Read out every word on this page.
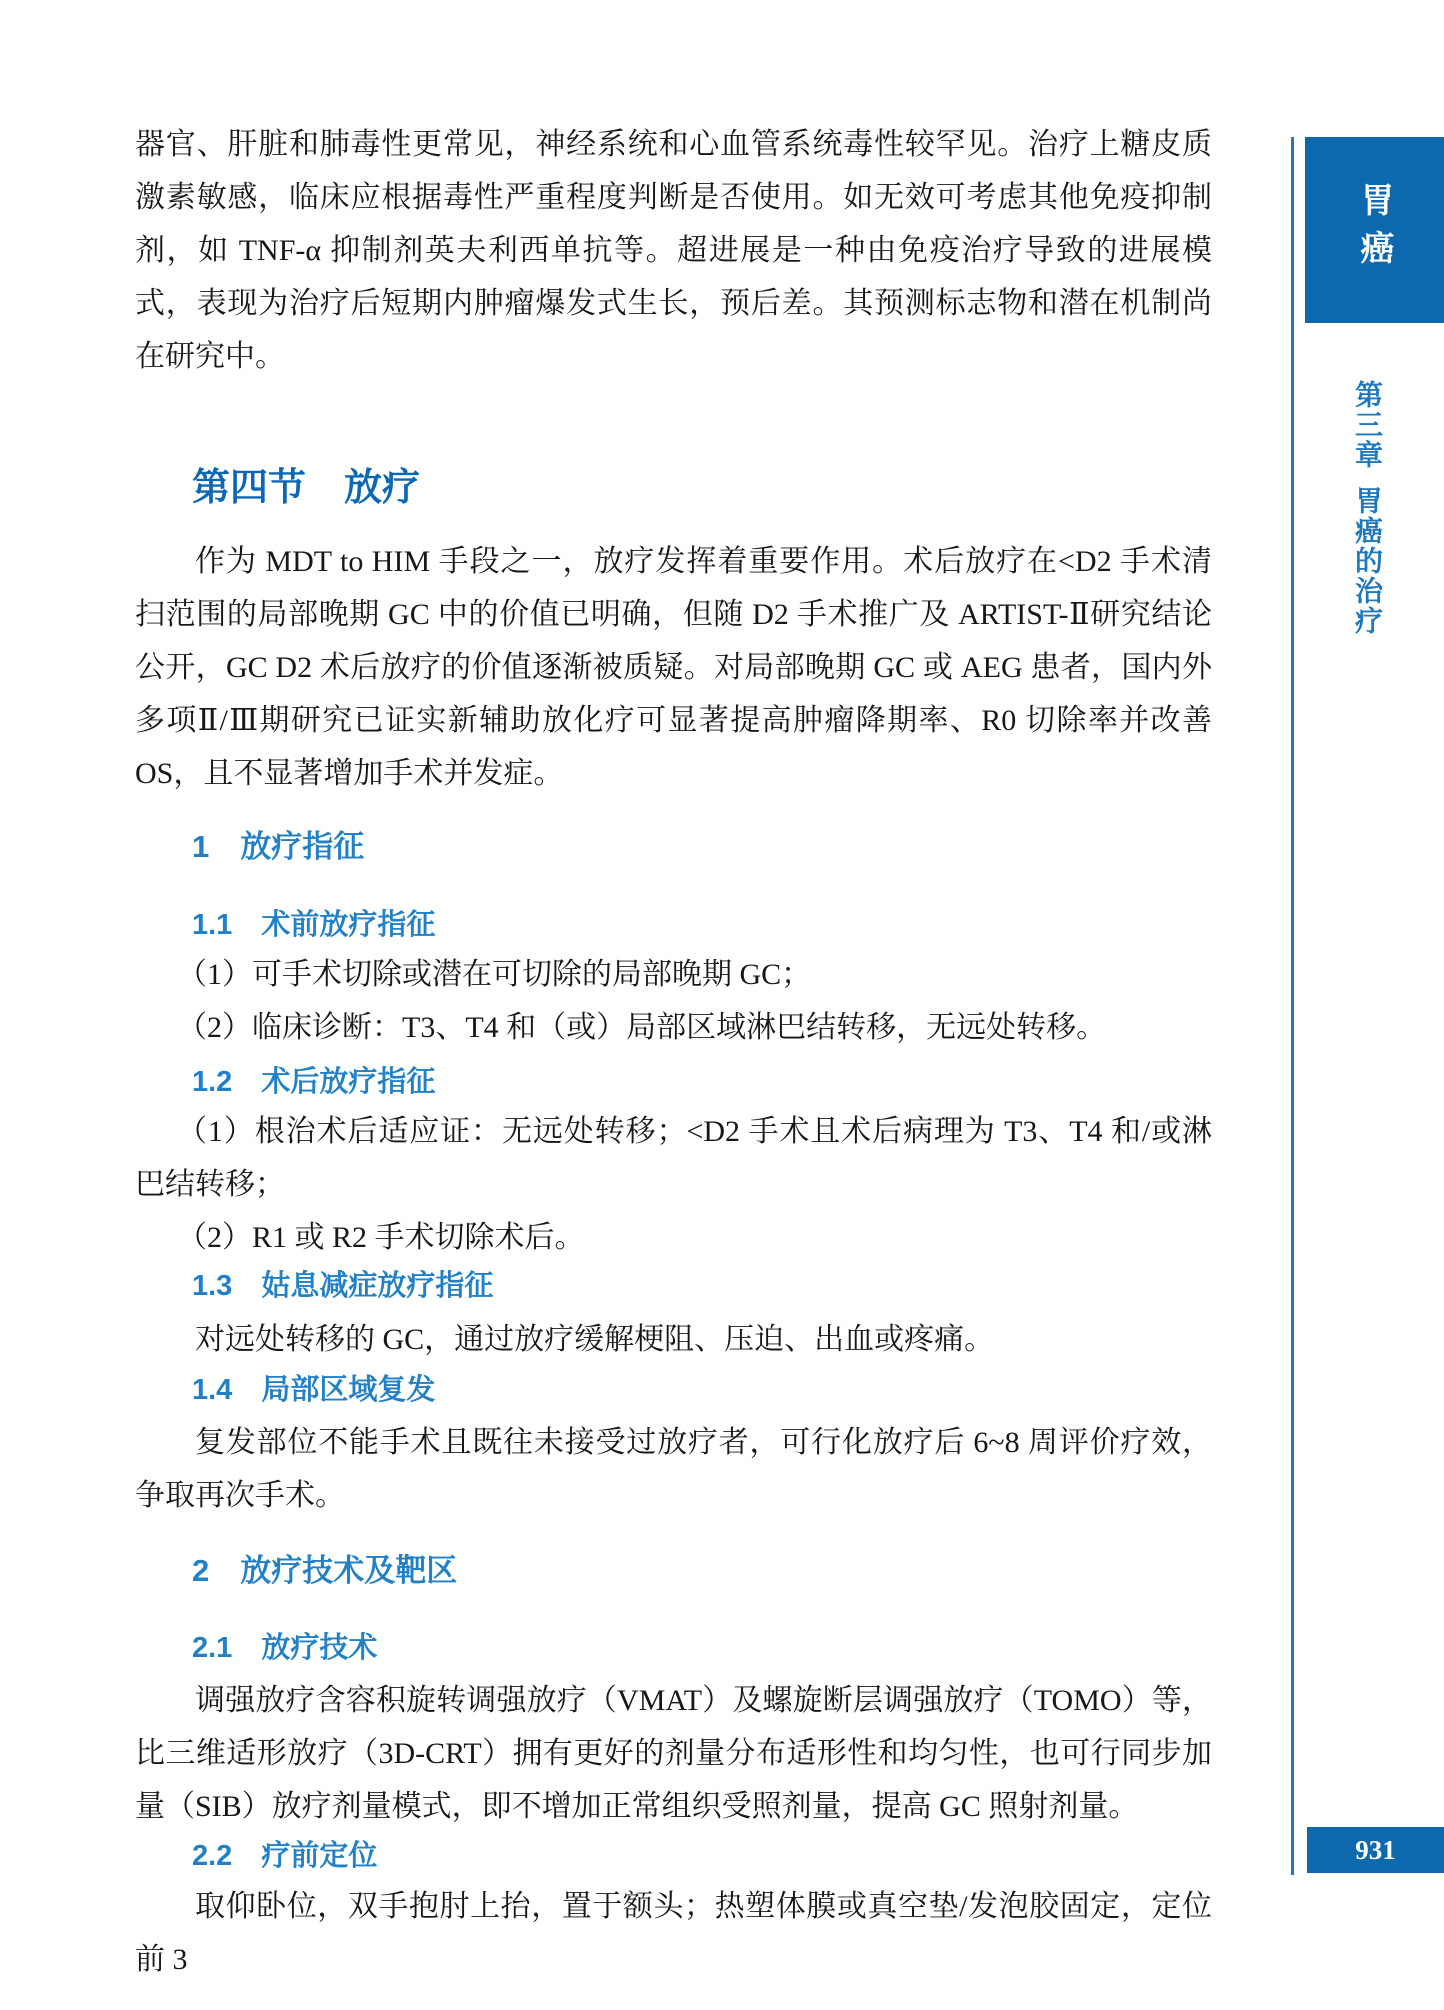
器官、肝脏和肺毒性更常见，神经系统和心血管系统毒性较罕见。治疗上糖皮质激素敏感，临床应根据毒性严重程度判断是否使用。如无效可考虑其他免疫抑制剂，如 TNF-α 抑制剂英夫利西单抗等。超进展是一种由免疫治疗导致的进展模式，表现为治疗后短期内肿瘤爆发式生长，预后差。其预测标志物和潜在机制尚在研究中。

第四节　放疗

作为 MDT to HIM 手段之一，放疗发挥着重要作用。术后放疗在<D2 手术清扫范围的局部晚期 GC 中的价值已明确，但随 D2 手术推广及 ARTIST-Ⅱ研究结论公开，GC D2 术后放疗的价值逐渐被质疑。对局部晚期 GC 或 AEG 患者，国内外多项Ⅱ/Ⅲ期研究已证实新辅助放化疗可显著提高肿瘤降期率、R0 切除率并改善 OS，且不显著增加手术并发症。

1　放疗指征
1.1　术前放疗指征

（1）可手术切除或潜在可切除的局部晚期 GC；

（2）临床诊断：T3、T4 和（或）局部区域淋巴结转移，无远处转移。

1.2　术后放疗指征

（1）根治术后适应证：无远处转移；<D2 手术且术后病理为 T3、T4 和/或淋巴结转移；

（2）R1 或 R2 手术切除术后。

1.3　姑息减症放疗指征

对远处转移的 GC，通过放疗缓解梗阻、压迫、出血或疼痛。

1.4　局部区域复发

复发部位不能手术且既往未接受过放疗者，可行化放疗后 6~8 周评价疗效，争取再次手术。

2　放疗技术及靶区
2.1　放疗技术

调强放疗含容积旋转调强放疗（VMAT）及螺旋断层调强放疗（TOMO）等，比三维适形放疗（3D-CRT）拥有更好的剂量分布适形性和均匀性，也可行同步加量（SIB）放疗剂量模式，即不增加正常组织受照剂量，提高 GC 照射剂量。

2.2　疗前定位

取仰卧位，双手抱肘上抬，置于额头；热塑体膜或真空垫/发泡胶固定，定位前 3

胃癌
第三章胃癌的治疗
931
